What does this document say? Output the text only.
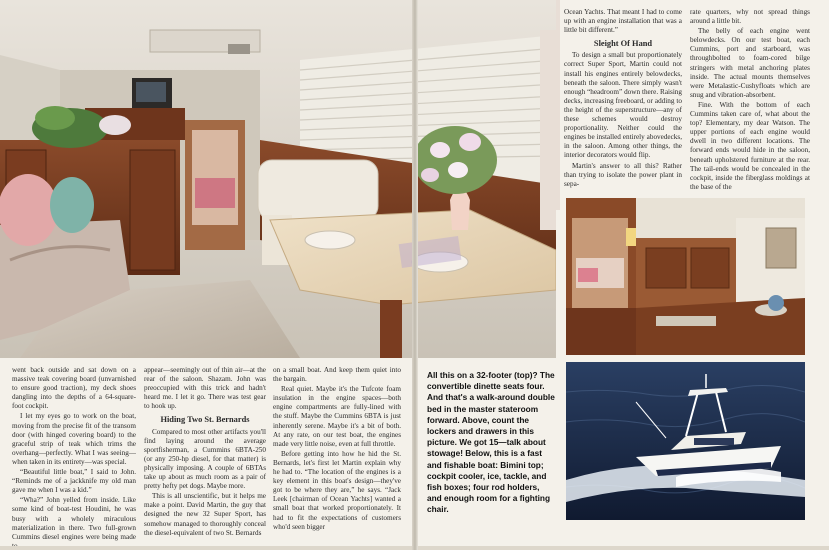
went back outside and sat down on a massive teak covering board (unvarnished to ensure good traction), my deck shoes dangling into the depths of a 64-square-foot cockpit.

I let my eyes go to work on the boat, moving from the precise fit of the transom door (with hinged covering board) to the graceful strip of teak which trims the overhang—perfectly. What I was seeing—when taken in its entirety—was special.

“Beautiful little boat,” I said to John. “Reminds me of a jackknife my old man gave me when I was a kid.”

“Wha?” John yelled from inside. Like some kind of boat-test Houdini, he was busy with a wholely miraculous materialization in there. Two full-grown Cummins diesel engines were being made

appear—seemingly out of thin air—at the rear of the saloon. Shazam. John was preoccupied with this trick and hadn't heard me. I let it go. There was test gear to hook up.

Hiding Two St. Bernards

Compared to most other artifacts you'll find laying around the average sportfisherman, a Cummins 6BTA-250 (or any 250-hp diesel, for that matter) is physically imposing. A couple of 6BTAs take up about as much room as a pair of pretty hefty pet dogs. Maybe more.

This is all unscientific, but it helps me make a point. David Martin, the guy that designed the new 32 Super Sport, has somehow managed to thoroughly conceal the diesel-equivalent of two St. Bernards

on a small boat. And keep them quiet into the bargain.

Real quiet. Maybe it's the Tufcote foam insulation in the engine spaces—both engine compartments are fully-lined with the stuff. Maybe the Cummins 6BTA is just inherently serene. Maybe it's a bit of both. At any rate, on our test boat, the engines made very little noise, even at full throttle.

Before getting into how he hid the St. Bernards, let's first let Martin explain why he had to. “The location of the engines is a key element in this boat's design—they've got to be where they are,” he says. “Jack Leek [chairman of Ocean Yachts] wanted a small boat that worked proportionately. It had to fit the expectations of customers who'd seen bigger

Ocean Yachts. That meant I had to come up with an engine installation that was a little bit different.”

Sleight Of Hand

To design a small but proportionately correct Super Sport, Martin could not install his engines entirely belowdecks, beneath the saloon. There simply wasn't enough “headroom” down there. Raising decks, increasing freeboard, or adding to the height of the superstructure—any of these schemes would destroy proportionality. Neither could the engines be installed entirely abovedecks, in the saloon. Among other things, the interior decorators would flip.

Martin's answer to all this? Rather than trying to isolate the power plant in sepa-

rate quarters, why not spread things around a little bit.

The belly of each engine went belowdecks. On our test boat, each Cummins, port and starboard, was throughbolted to foam-cored bilge stringers with metal anchoring plates inside. The actual mounts themselves were Metalastic-Cushyfloats which are snug and vibration-absorbent.

Fine. With the bottom of each Cummins taken care of, what about the top? Elementary, my dear Watson. The upper portions of each engine would dwell in two different locations. The forward ends would hide in the saloon, beneath upholstered furniture at the rear. The tail-ends would be concealed in the cockpit, inside the fiberglass moldings at the base of the

All this on a 32-footer (top)? The convertible dinette seats four. And that's a walk-around double bed in the master stateroom forward. Above, count the lockers and drawers in this picture. We got 15—talk about stowage! Below, this is a fast and fishable boat: Bimini top; cockpit cooler, ice, tackle, and fish boxes; four rod holders, and enough room for a fighting chair.
